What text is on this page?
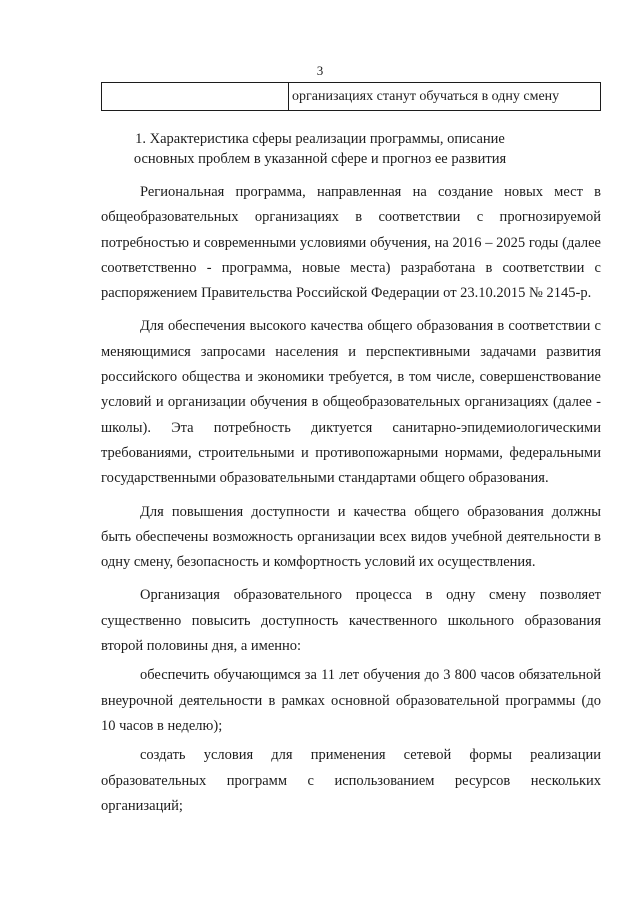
3
	организациях станут обучаться в одну смену
1. Характеристика сферы реализации программы, описание
основных проблем в указанной сфере и прогноз ее развития

Региональная программа, направленная на создание новых мест в общеобразовательных организациях в соответствии с прогнозируемой потребностью и современными условиями обучения, на 2016 – 2025 годы (далее соответственно - программа, новые места) разработана в соответствии с распоряжением Правительства Российской Федерации от 23.10.2015 № 2145-р.

Для обеспечения высокого качества общего образования в соответствии с меняющимися запросами населения и перспективными задачами развития российского общества и экономики требуется, в том числе, совершенствование условий и организации обучения в общеобразовательных организациях (далее - школы). Эта потребность диктуется санитарно-эпидемиологическими требованиями, строительными и противопожарными нормами, федеральными государственными образовательными стандартами общего образования.

Для повышения доступности и качества общего образования должны быть обеспечены возможность организации всех видов учебной деятельности в одну смену, безопасность и комфортность условий их осуществления.

Организация образовательного процесса в одну смену позволяет существенно повысить доступность качественного школьного образования второй половины дня, а именно:

обеспечить обучающимся за 11 лет обучения до 3 800 часов обязательной внеурочной деятельности в рамках основной образовательной программы (до 10 часов в неделю);

создать условия для применения сетевой формы реализации образовательных программ с использованием ресурсов нескольких организаций;
